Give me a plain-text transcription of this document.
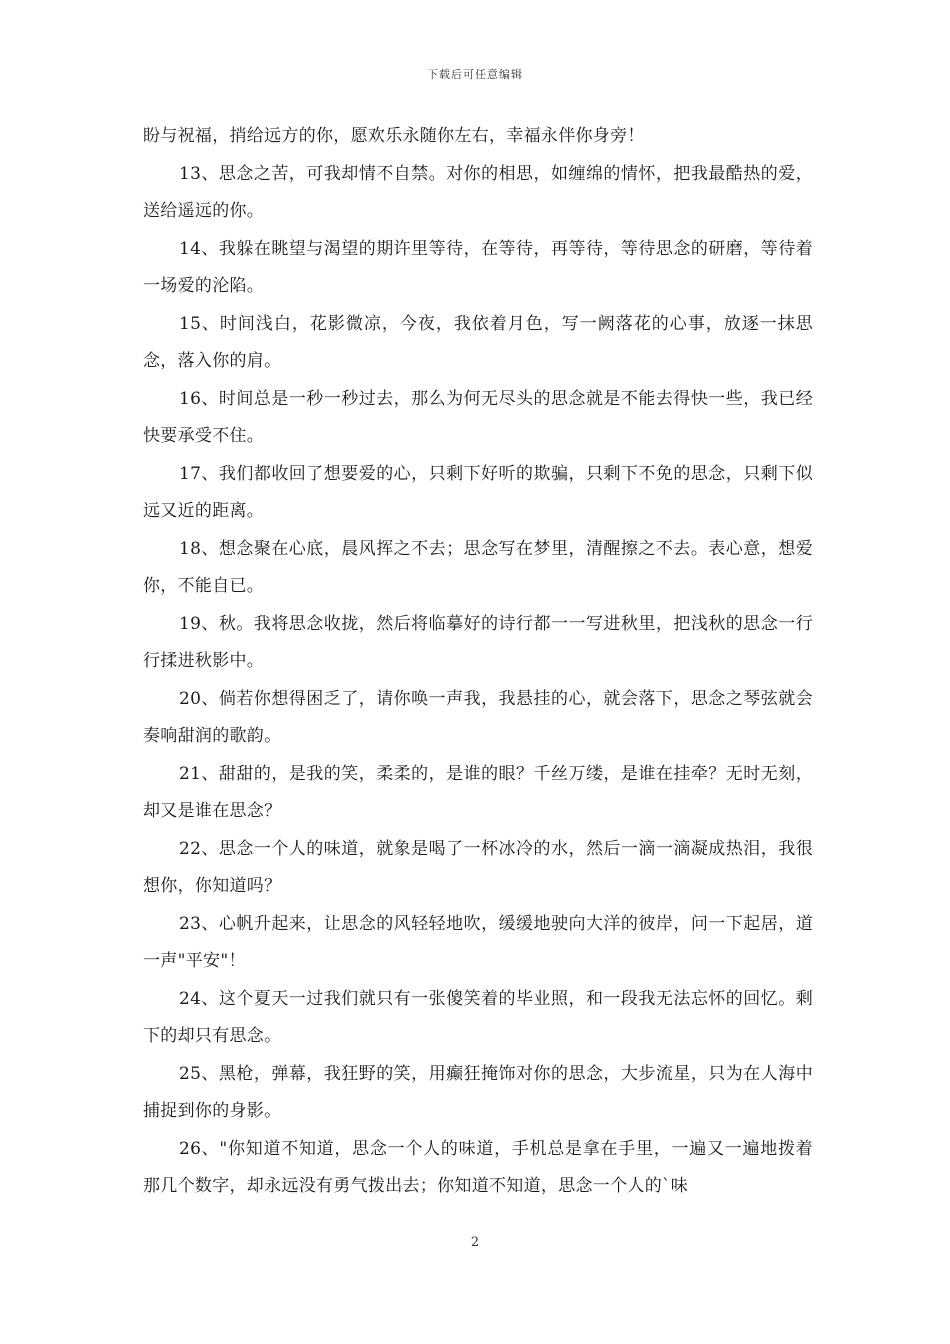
下载后可任意编辑

盼与祝福，捎给远方的你，愿欢乐永随你左右，幸福永伴你身旁！

13、思念之苦，可我却情不自禁。对你的相思，如缠绵的情怀，把我最酷热的爱，送给遥远的你。

14、我躲在眺望与渴望的期许里等待，在等待，再等待，等待思念的研磨，等待着一场爱的沦陷。

15、时间浅白，花影微凉，今夜，我依着月色，写一阙落花的心事，放逐一抹思念，落入你的肩。

16、时间总是一秒一秒过去，那么为何无尽头的思念就是不能去得快一些，我已经快要承受不住。

17、我们都收回了想要爱的心，只剩下好听的欺骗，只剩下不免的思念，只剩下似远又近的距离。

18、想念聚在心底，晨风挥之不去；思念写在梦里，清醒擦之不去。表心意，想爱你，不能自已。

19、秋。我将思念收拢，然后将临摹好的诗行都一一写进秋里，把浅秋的思念一行行揉进秋影中。

20、倘若你想得困乏了，请你唤一声我，我悬挂的心，就会落下，思念之琴弦就会奏响甜润的歌韵。

21、甜甜的，是我的笑，柔柔的，是谁的眼？千丝万缕，是谁在挂牵？无时无刻，却又是谁在思念？

22、思念一个人的味道，就象是喝了一杯冰冷的水，然后一滴一滴凝成热泪，我很想你，你知道吗？

23、心帆升起来，让思念的风轻轻地吹，缓缓地驶向大洋的彼岸，问一下起居，道一声"平安"！

24、这个夏天一过我们就只有一张傻笑着的毕业照，和一段我无法忘怀的回忆。剩下的却只有思念。

25、黑枪，弹幕，我狂野的笑，用癫狂掩饰对你的思念，大步流星，只为在人海中捕捉到你的身影。

26、"你知道不知道，思念一个人的味道，手机总是拿在手里，一遍又一遍地拨着那几个数字，却永远没有勇气拨出去；你知道不知道，思念一个人的`味

2
